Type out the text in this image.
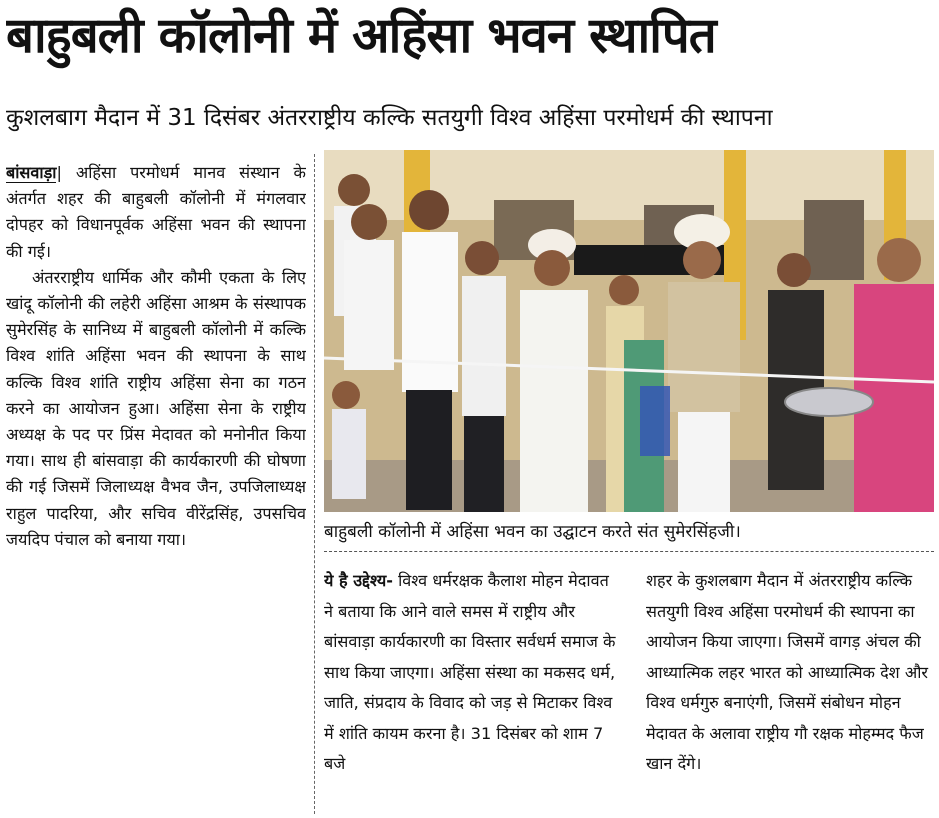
बाहुबली कॉलोनी में अहिंसा भवन स्थापित
कुशलबाग मैदान में 31 दिसंबर अंतरराष्ट्रीय कल्कि सतयुगी विश्व अहिंसा परमोधर्म की स्थापना

बांसवाड़ा| अहिंसा परमोधर्म मानव संस्थान के अंतर्गत शहर की बाहुबली कॉलोनी में मंगलवार दोपहर को विधानपूर्वक अहिंसा भवन की स्थापना की गई।

अंतरराष्ट्रीय धार्मिक और कौमी एकता के लिए खांदू कॉलोनी की लहेरी अहिंसा आश्रम के संस्थापक सुमेरसिंह के सानिध्य में बाहुबली कॉलोनी में कल्कि विश्व शांति अहिंसा भवन की स्थापना के साथ कल्कि विश्व शांति राष्ट्रीय अहिंसा सेना का गठन करने का आयोजन हुआ। अहिंसा सेना के राष्ट्रीय अध्यक्ष के पद पर प्रिंस मेदावत को मनोनीत किया गया। साथ ही बांसवाड़ा की कार्यकारणी की घोषणा की गई जिसमें जिलाध्यक्ष वैभव जैन, उपजिलाध्यक्ष राहुल पादरिया, और सचिव वीरेंद्रसिंह, उपसचिव जयदिप पंचाल को बनाया गया।	बाहुबली कॉलोनी में अहिंसा भवन का उद्घाटन करते संत सुमेरसिंहजी।

ये है उद्देश्य- विश्व धर्मरक्षक कैलाश मोहन मेदावत ने बताया कि आने वाले समस में राष्ट्रीय और बांसवाड़ा कार्यकारणी का विस्तार सर्वधर्म समाज के साथ किया जाएगा। अहिंसा संस्था का मकसद धर्म, जाति, संप्रदाय के विवाद को जड़ से मिटाकर विश्व में शांति कायम करना है। 31 दिसंबर को शाम 7 बजे

शहर के कुशलबाग मैदान में अंतरराष्ट्रीय कल्कि सतयुगी विश्व अहिंसा परमोधर्म की स्थापना का आयोजन किया जाएगा। जिसमें वागड़ अंचल की आध्यात्मिक लहर भारत को आध्यात्मिक देश और विश्व धर्मगुरु बनाएंगी, जिसमें संबोधन मोहन मेदावत के अलावा राष्ट्रीय गौ रक्षक मोहम्मद फैज खान देंगे।
